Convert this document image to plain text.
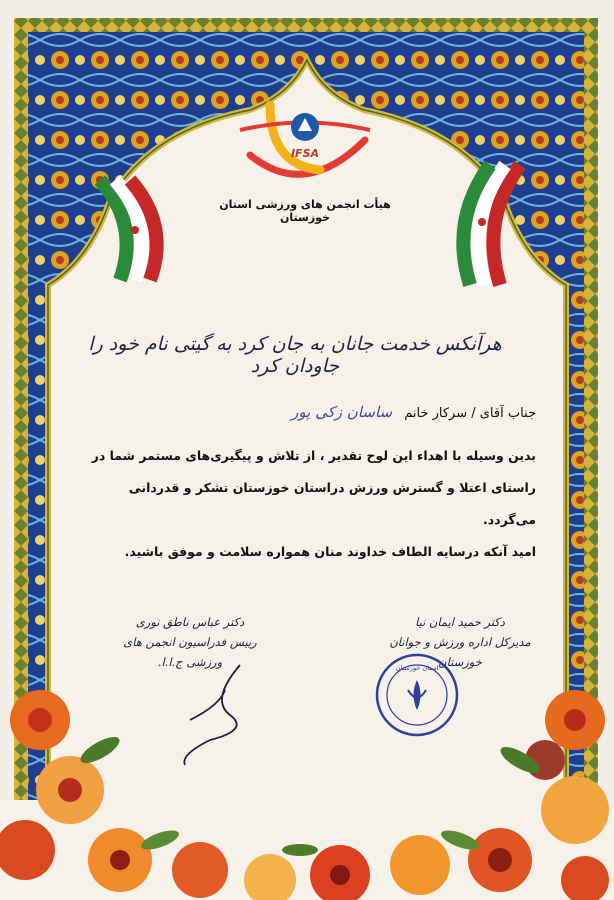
IFSA
هیأت انجمن های ورزشی استان خوزستان
هرآنکس خدمت جانان به جان کرد به گیتی نام خود را جاودان کرد
جناب آقای / سرکار خانم ساسان زکی پور

بدین وسیله با اهداء این لوح تقدیر ، از تلاش و پیگیری‌های مستمر شما در

راستای اعتلا و گسترش ورزش دراستان خوزستان تشکر و قدردانی می‌گردد.

امید آنکه درسایه الطاف خداوند منان همواره سلامت و موفق باشید.

دکتر عباس ناطق نوری
رییس فدراسیون انجمن های
ورزشی ج.ا.ا.
دکتر حمید ایمان نیا
مدیرکل اداره ورزش و جوانان خوزستان
استان خوزستان
